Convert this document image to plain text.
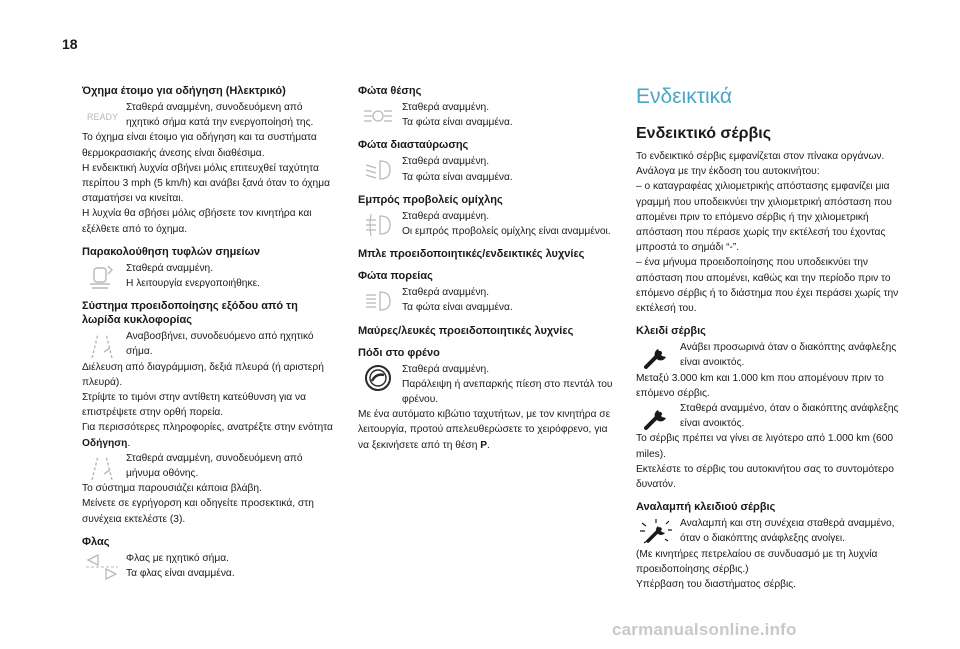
18
Όχημα έτοιμο για οδήγηση (Ηλεκτρικό)
READY

Σταθερά αναμμένη, συνοδευόμενη από ηχητικό σήμα κατά την ενεργοποίησή της.

Το όχημα είναι έτοιμο για οδήγηση και τα συστήματα θερμοκρασιακής άνεσης είναι διαθέσιμα.

Η ενδεικτική λυχνία σβήνει μόλις επιτευχθεί ταχύτητα περίπου 3 mph (5 km/h) και ανάβει ξανά όταν το όχημα σταματήσει να κινείται.

Η λυχνία θα σβήσει μόλις σβήσετε τον κινητήρα και εξέλθετε από το όχημα.

Παρακολούθηση τυφλών σημείων

Σταθερά αναμμένη.

Η λειτουργία ενεργοποιήθηκε.

Σύστημα προειδοποίησης εξόδου από τη λωρίδα κυκλοφορίας

Αναβοσβήνει, συνοδευόμενο από ηχητικό σήμα.

Διέλευση από διαγράμμιση, δεξιά πλευρά (ή αριστερή πλευρά).

Στρίψτε το τιμόνι στην αντίθετη κατεύθυνση για να επιστρέψετε στην ορθή πορεία.

Για περισσότερες πληροφορίες, ανατρέξτε στην ενότητα Οδήγηση.

Σταθερά αναμμένη, συνοδευόμενη από μήνυμα οθόνης.

Το σύστημα παρουσιάζει κάποια βλάβη.

Μείνετε σε εγρήγορση και οδηγείτε προσεκτικά, στη συνέχεια εκτελέστε (3).

Φλας

Φλας με ηχητικό σήμα.

Τα φλας είναι αναμμένα.

Φώτα θέσης

Σταθερά αναμμένη.

Τα φώτα είναι αναμμένα.

Φώτα διασταύρωσης

Σταθερά αναμμένη.

Τα φώτα είναι αναμμένα.

Εμπρός προβολείς ομίχλης

Σταθερά αναμμένη.

Οι εμπρός προβολείς ομίχλης είναι αναμμένοι.

Μπλε προειδοποιητικές/ενδεικτικές λυχνίες
Φώτα πορείας

Σταθερά αναμμένη.

Τα φώτα είναι αναμμένα.

Μαύρες/λευκές προειδοποιητικές λυχνίες
Πόδι στο φρένο

Σταθερά αναμμένη.

Παράλειψη ή ανεπαρκής πίεση στο πεντάλ του φρένου.

Με ένα αυτόματο κιβώτιο ταχυτήτων, με τον κινητήρα σε λειτουργία, προτού απελευθερώσετε το χειρόφρενο, για να ξεκινήσετε από τη θέση P.

Ενδεικτικά
Ενδεικτικό σέρβις

Το ενδεικτικό σέρβις εμφανίζεται στον πίνακα οργάνων. Ανάλογα με την έκδοση του αυτοκινήτου:

– ο καταγραφέας χιλιομετρικής απόστασης εμφανίζει μια γραμμή που υποδεικνύει την χιλιομετρική απόσταση που απομένει πριν το επόμενο σέρβις ή την χιλιομετρική απόσταση που πέρασε χωρίς την εκτέλεσή του έχοντας μπροστά το σημάδι “-”.

– ένα μήνυμα προειδοποίησης που υποδεικνύει την απόσταση που απομένει, καθώς και την περίοδο πριν το επόμενο σέρβις ή το διάστημα που έχει περάσει χωρίς την εκτέλεσή του.

Κλειδί σέρβις

Ανάβει προσωρινά όταν ο διακόπτης ανάφλεξης είναι ανοικτός.

Μεταξύ 3.000 km και 1.000 km που απομένουν πριν το επόμενο σέρβις.

Σταθερά αναμμένο, όταν ο διακόπτης ανάφλεξης είναι ανοικτός.

Το σέρβις πρέπει να γίνει σε λιγότερο από 1.000 km (600 miles).

Εκτελέστε το σέρβις του αυτοκινήτου σας το συντομότερο δυνατόν.

Αναλαμπή κλειδιού σέρβις

Αναλαμπή και στη συνέχεια σταθερά αναμμένο, όταν ο διακόπτης ανάφλεξης ανοίγει.

(Με κινητήρες πετρελαίου σε συνδυασμό με τη λυχνία προειδοποίησης σέρβις.)

Υπέρβαση του διαστήματος σέρβις.

carmanualsonline.info
